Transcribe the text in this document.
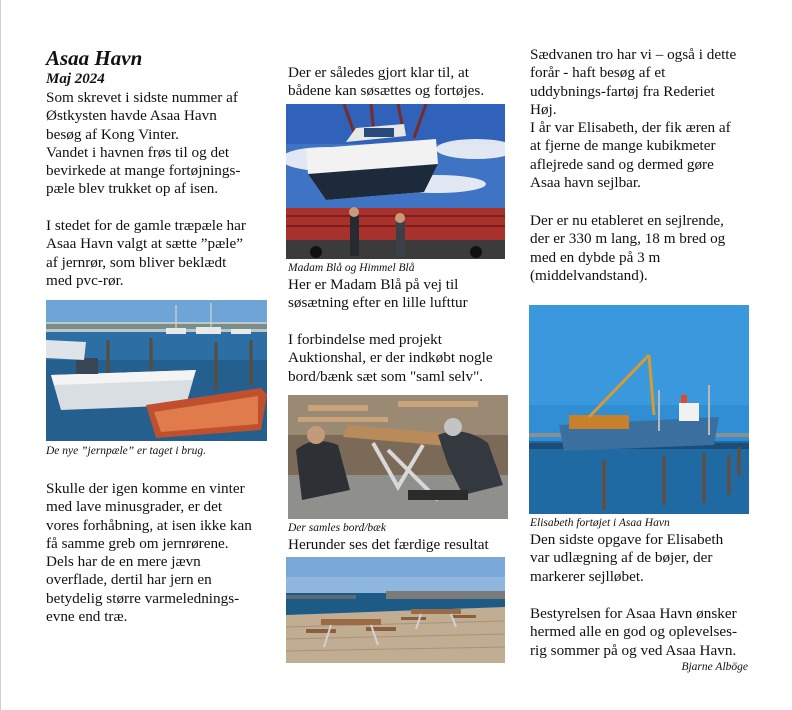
Asaa Havn
Maj 2024

Som skrevet i sidste nummer af
Østkysten havde Asaa Havn
besøg af Kong Vinter.
Vandet i havnen frøs til og det
bevirkede at mange fortøjnings-
pæle blev trukket op af isen.

I stedet for de gamle træpæle har
Asaa Havn valgt at sætte ”pæle”
af jernrør, som bliver beklædt
med pvc-rør.

De nye ”jernpæle” er taget i brug.

Skulle der igen komme en vinter
med lave minusgrader, er det
vores forhåbning, at isen ikke kan
få samme greb om jernrørene.
Dels har de en mere jævn
overflade, dertil har jern en
betydelig større varmelednings-
evne end træ.

Der er således gjort klar til, at
bådene kan søsættes og fortøjes.

Madam Blå og Himmel Blå

Her er Madam Blå på vej til
søsætning efter en lille lufttur

I forbindelse med projekt
Auktionshal, er der indkøbt nogle
bord/bænk sæt som "saml selv".

Der samles bord/bæk

Herunder ses det færdige resultat

Sædvanen tro har vi – også i dette
forår - haft besøg af et
uddybnings-fartøj fra Rederiet
Høj.
I år var Elisabeth, der fik æren af
at fjerne de mange kubikmeter
aflejrede sand og dermed gøre
Asaa havn sejlbar.

Der er nu etableret en sejlrende,
der er 330 m lang, 18 m bred og
med en dybde på 3 m
(middelvandstand).

Elisabeth fortøjet i Asaa Havn

Den sidste opgave for Elisabeth
var udlægning af de bøjer, der
markerer sejlløbet.

Bestyrelsen for Asaa Havn ønsker
hermed alle en god og oplevelses-
rig sommer på og ved Asaa Havn.

Bjarne Alböge
